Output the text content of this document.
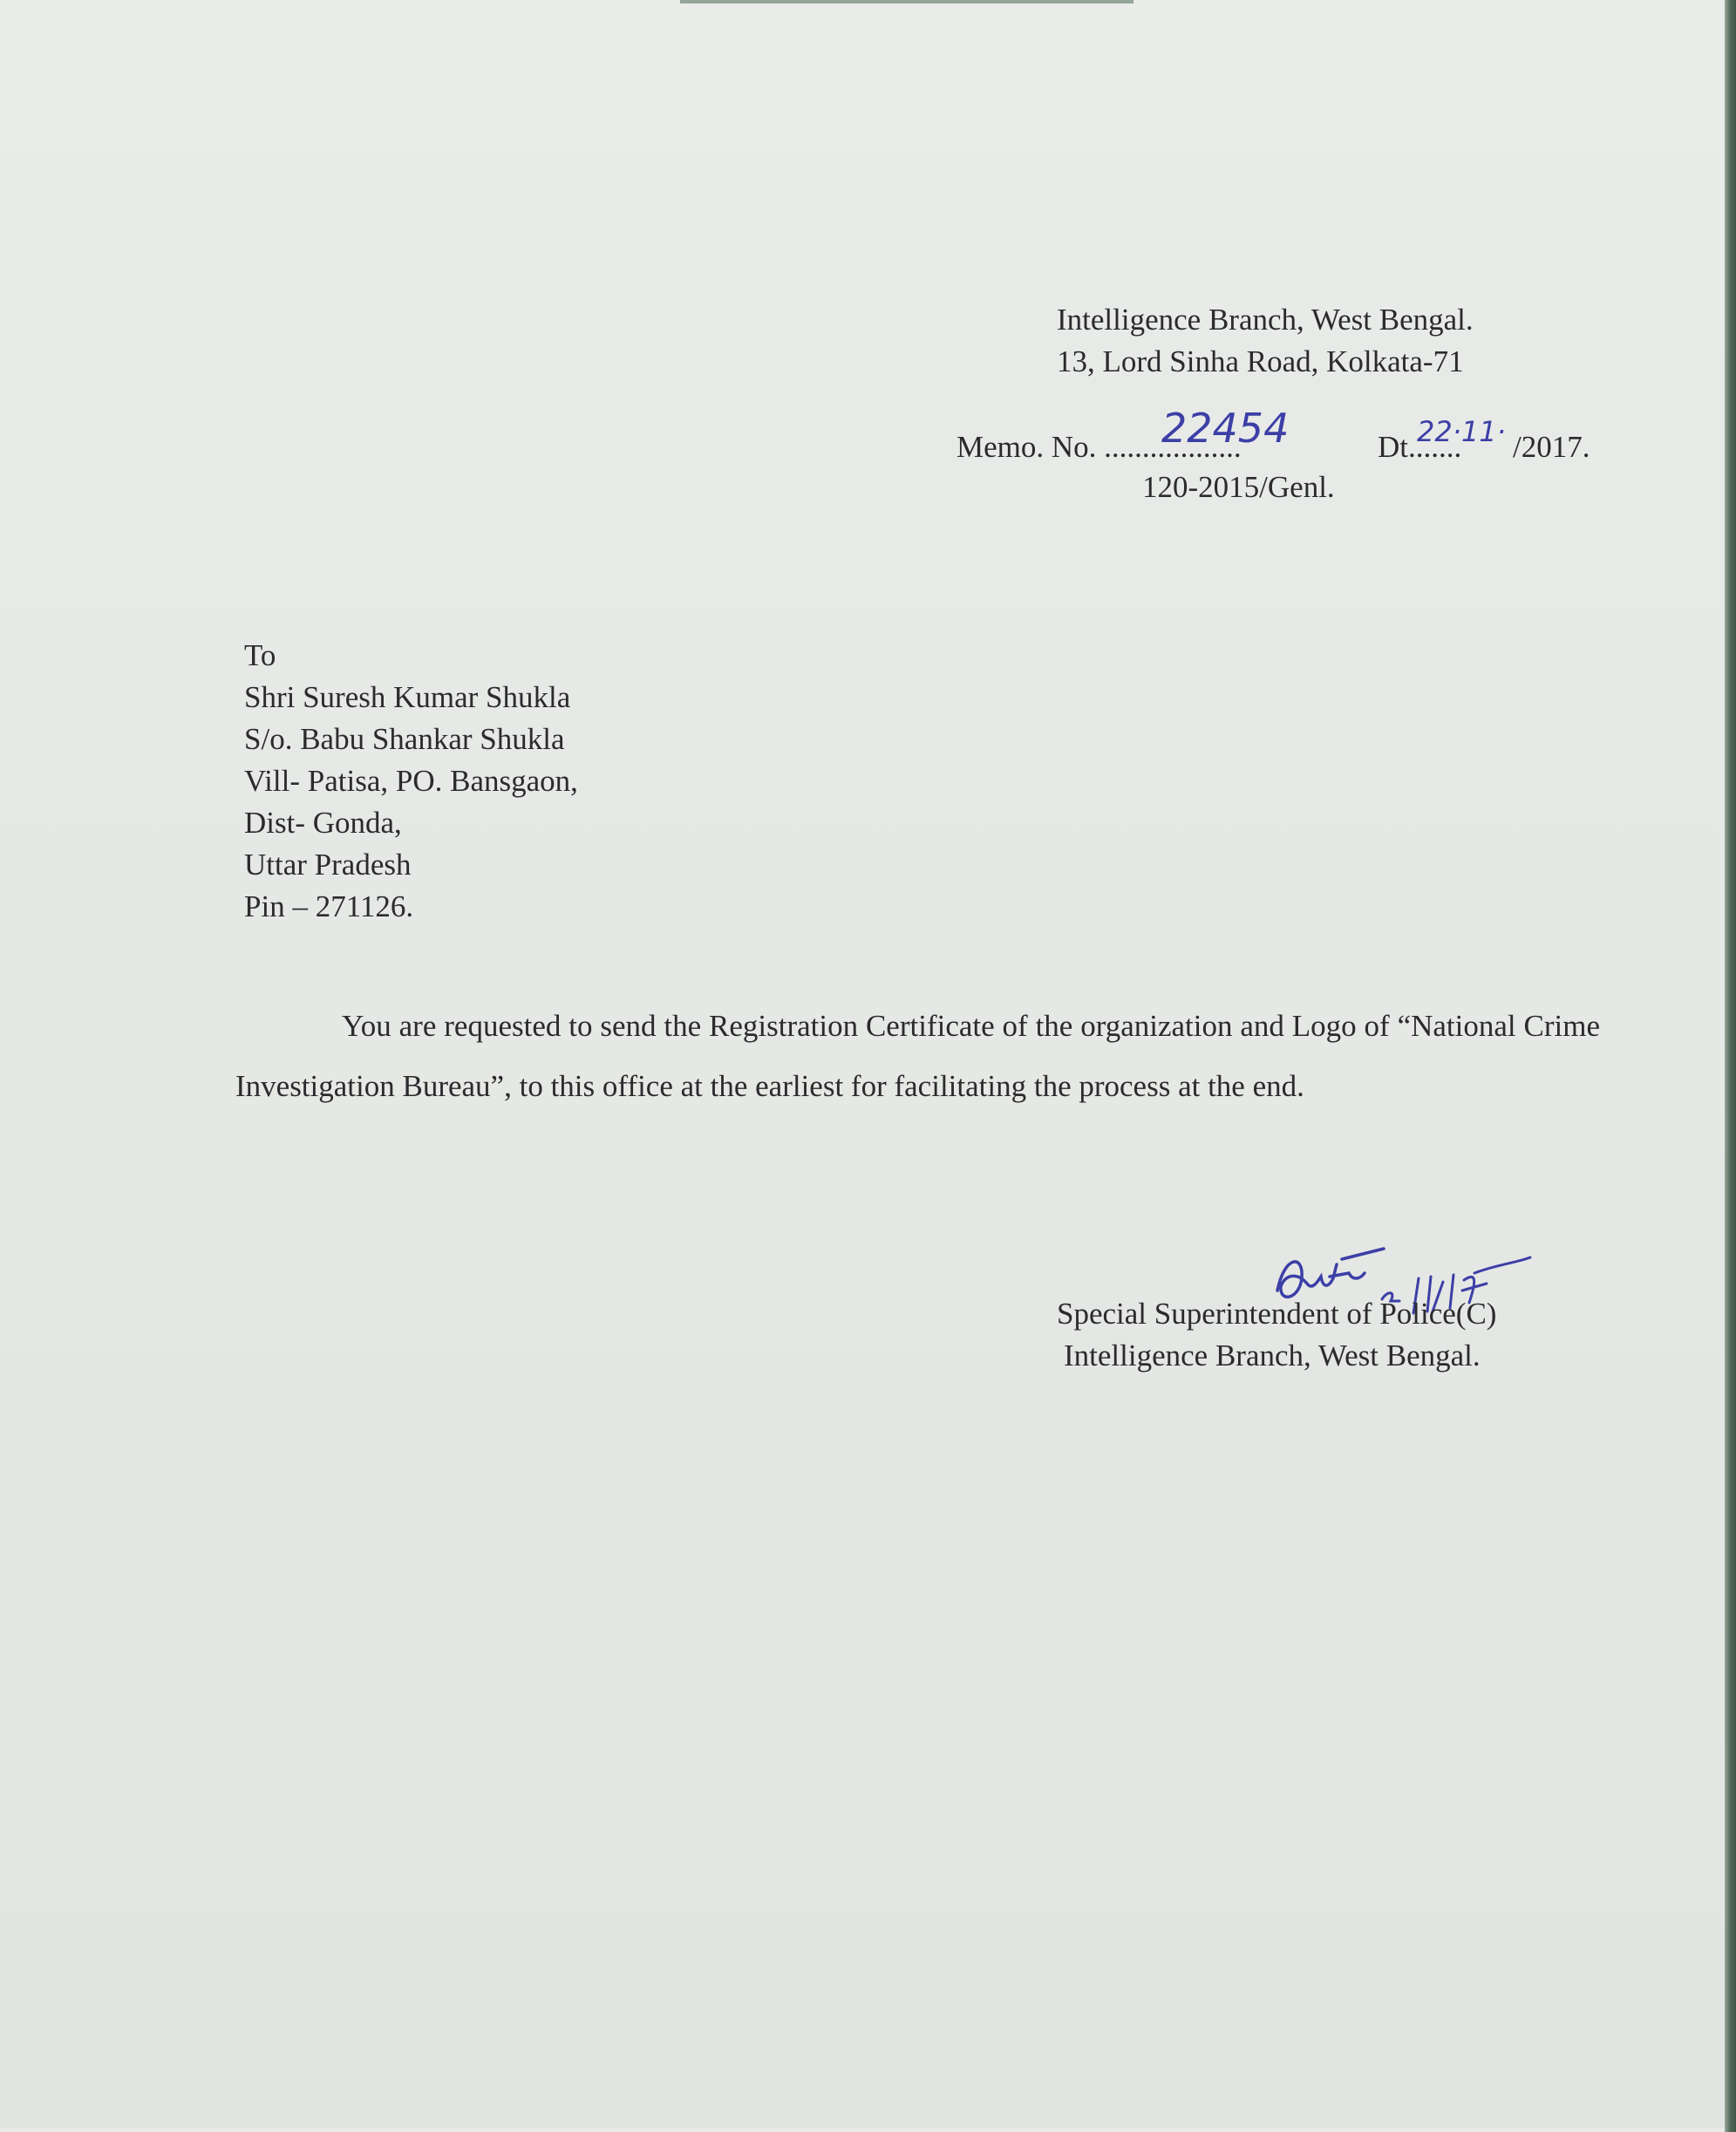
Intelligence Branch, West Bengal.
13, Lord Sinha Road, Kolkata-71
Memo. No. ..................
22454	Dt.......
22·11· /2017.
120-2015/Genl.
To
Shri Suresh Kumar Shukla
S/o. Babu Shankar Shukla
Vill- Patisa, PO. Bansgaon,
Dist- Gonda,
Uttar Pradesh
Pin – 271126.
You are requested to send the Registration Certificate of the organization and Logo of “National Crime Investigation Bureau”, to this office at the earliest for facilitating the process at the end.
Special Superintendent of Police(C)
Intelligence Branch, West Bengal.
